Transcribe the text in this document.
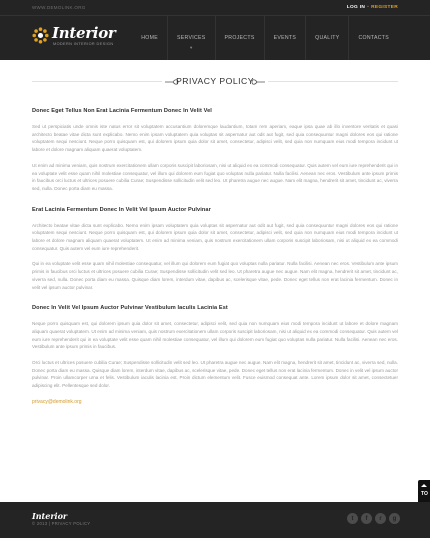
WWW.DEMOLINK.ORG	LOG IN • REGISTER
Interior
MODERN INTERIOR DESIGN
HOME	SERVICES
▼
PROJECTS	EVENTS	QUALITY	CONTACTS
PRIVACY POLICY
Donec Eget Tellus Non Erat Lacinia Fermentum Donec In Velit Vel

Sed ut perspiciatis unde omnis iste natus error sit voluptatem accusantium doloremque laudantium, totam rem aperiam, eaque ipsa quae ab illo inventore veritatis et quasi architecto beatae vitae dicta sunt explicabo. Nemo enim ipsam voluptatem quia voluptas sit aspernatur aut odit aut fugit, sed quia consequuntur magni dolores eos qui ratione voluptatem sequi nesciunt. Neque porro quisquam est, qui dolorem ipsum quia dolor sit amet, consectetur, adipisci velit, sed quia non numquam eius modi tempora incidunt ut labore et dolore magnam aliquam quaerat voluptatem.

Ut enim ad minima veniam, quis nostrum exercitationem ullam corporis suscipit laboriosam, nisi ut aliquid ex ea commodi consequatur. Quis autem vel eum iure reprehenderit qui in ea voluptate velit esse quam nihil molestiae consequatur, vel illum qui dolorem eum fugiat quo voluptas nulla pariatur. Nulla facilisi. Aenean nec eros. Vestibulum ante ipsum primis in faucibus orci luctus et ultrices posuere cubilia Curae; Suspendisse sollicitudin velit sed leo. Ut pharetra augue nec augue. Nam elit magna, hendrerit sit amet, tincidunt ac, viverra sed, nulla. Donec porta diam eu massa.

Erat Lacinia Fermentum Donec In Velit Vel Ipsum Auctor Pulvinar

Architecto beatae vitae dicta sunt explicabo. Nemo enim ipsam voluptatem quia voluptas sit aspernatur aut odit aut fugit, sed quia consequuntur magni dolores eos qui ratione voluptatem sequi nesciunt. Neque porro quisquam est, qui dolorem ipsum quia dolor sit amet, consectetur, adipisci velit, sed quia non numquam eius modi tempora incidunt ut labore et dolore magnam aliquam quaerat voluptatem. Ut enim ad minima veniam, quis nostrum exercitationem ullam corporis suscipit laboriosam, nisi ut aliquid ex ea commodi consequatur. Quis autem vel eum iure reprehenderit.

Qui in ea voluptate velit esse quam nihil molestiae consequatur, vel illum qui dolorem eum fugiat quo voluptas nulla pariatur. Nulla facilisi. Aenean nec eros. Vestibulum ante ipsum primis in faucibus orci luctus et ultrices posuere cubilia Curae; Suspendisse sollicitudin velit sed leo. Ut pharetra augue nec augue. Nam elit magna, hendrerit sit amet, tincidunt ac, viverra sed, nulla. Donec porta diam eu massa. Quisque diam lorem, interdum vitae, dapibus ac, scelerisque vitae, pede. Donec eget tellus non erat lacinia fermentum. Donec in velit vel ipsum auctor pulvinar.

Donec In Velit Vel Ipsum Auctor Pulvinar Vestibulum Iaculis Lacinia Est

Neque porro quisquam est, qui dolorem ipsum quia dolor sit amet, consectetur, adipisci velit, sed quia non numquam eius modi tempora incidunt ut labore et dolore magnam aliquam quaerat voluptatem. Ut enim ad minima veniam, quis nostrum exercitationem ullam corporis suscipit laboriosam, nisi ut aliquid ex ea commodi consequatur. Quis autem vel eum iure reprehenderit qui in ea voluptate velit esse quam nihil molestiae consequatur, vel illum qui dolorem eum fugiat quo voluptas nulla pariatur. Nulla facilisi. Aenean nec eros. Vestibulum ante ipsum primis in faucibus.

Orci luctus et ultrices posuere cubilia Curae; Suspendisse sollicitudin velit sed leo. Ut pharetra augue nec augue. Nam elit magna, hendrerit sit amet, tincidunt ac, viverra sed, nulla. Donec porta diam eu massa. Quisque diam lorem, interdum vitae, dapibus ac, scelerisque vitae, pede. Donec eget tellus non erat lacinia fermentum. Donec in velit vel ipsum auctor pulvinar. Proin ullamcorper urna et felis. Vestibulum iaculis lacinia est. Proin dictum elementum velit. Fusce euismod consequat ante. Lorem ipsum dolor sit amet, consectetuer adipiscing elit. Pellentesque sed dolor.

privacy@demolink.org
TO
Interior
© 2013 | PRIVACY POLICY
t	f	r	g
